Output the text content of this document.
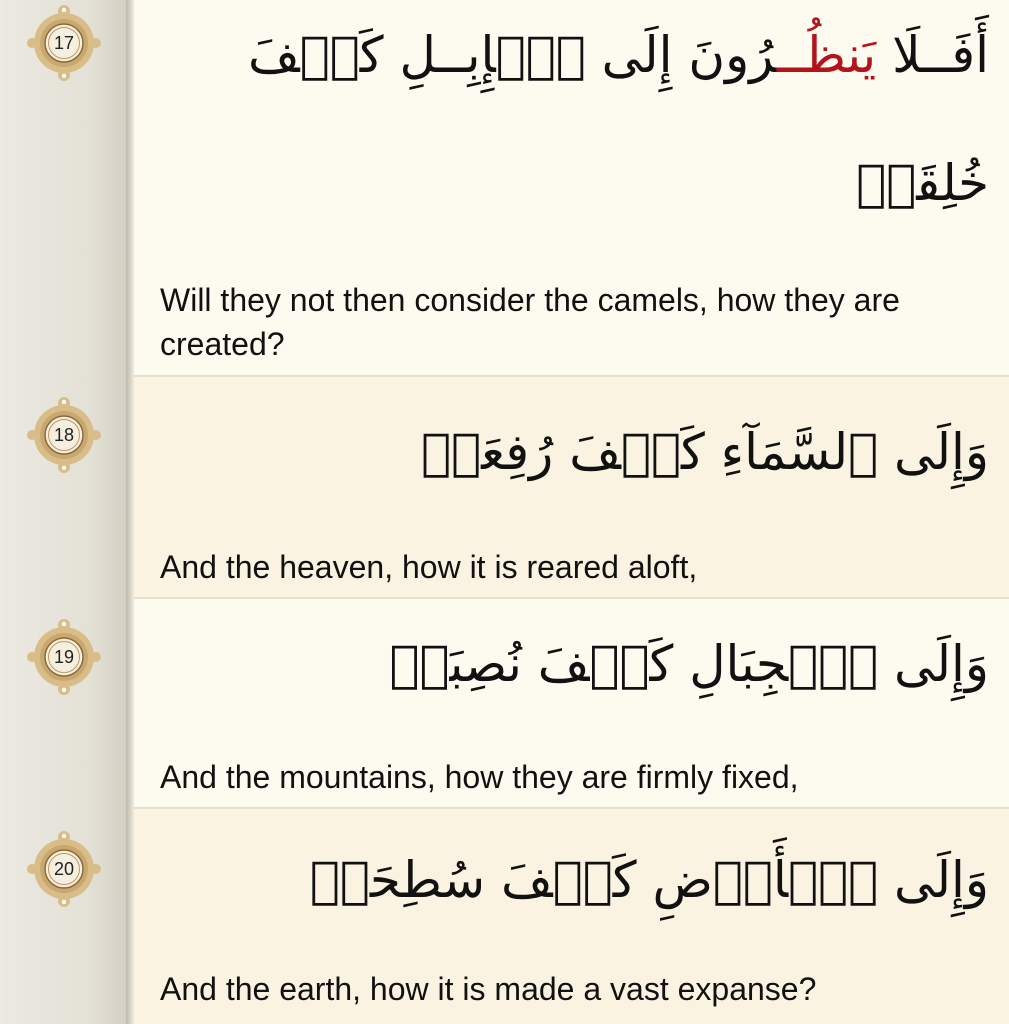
أَفَــلَا يَنظُــرُونَ إِلَى ٱلۡإِبِــلِ كَيۡفَ
خُلِقَتۡ
Will they not then consider the camels, how they are created?
وَإِلَى ٱلسَّمَآءِ كَيۡفَ رُفِعَتۡ
And the heaven, how it is reared aloft,
وَإِلَى ٱلۡجِبَالِ كَيۡفَ نُصِبَتۡ
And the mountains, how they are firmly fixed,
وَإِلَى ٱلۡأَرۡضِ كَيۡفَ سُطِحَتۡ
And the earth, how it is made a vast expanse?
17
18
19
20
